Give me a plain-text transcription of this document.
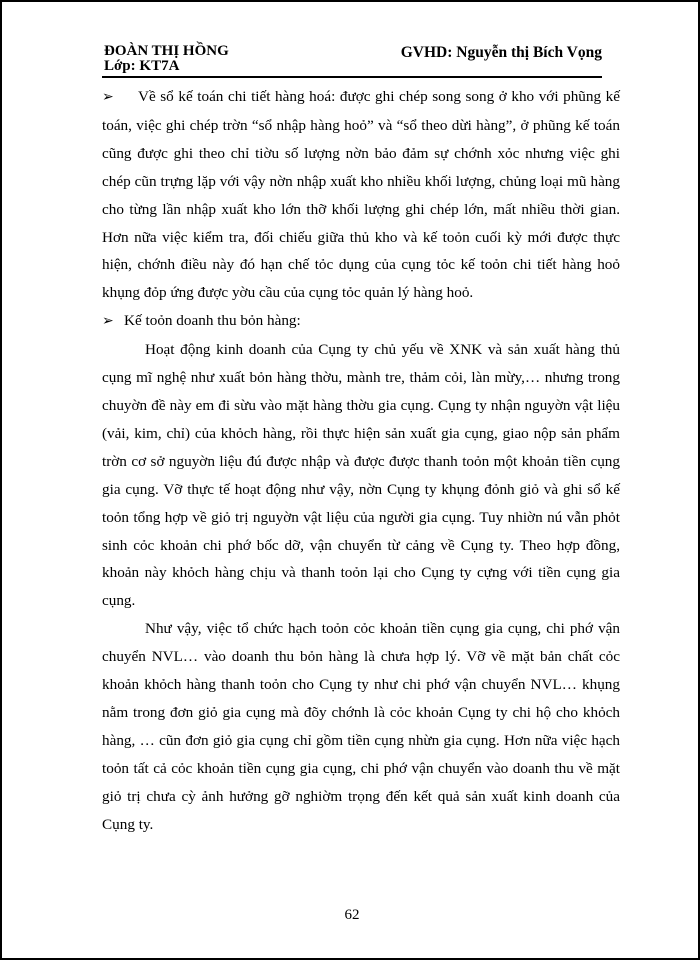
ĐOÀN THỊ HỒNG
Lớp: KT7A
GVHD: Nguyễn thị Bích Vọng

➢ Về sổ kế toán chi tiết hàng hoá: được ghi chép song song ở kho với phũng kế toán, việc ghi chép trờn “sổ nhập hàng hoỏ” và “sổ theo dừi hàng”, ở phũng kế toán cũng được ghi theo chỉ tiờu số lượng nờn bảo đảm sự chớnh xỏc nhưng việc ghi chép cũn trựng lặp với vậy nờn nhập xuất kho nhiều khối lượng, chủng loại mũ hàng cho từng lần nhập xuất kho lớn thỡ khối lượng ghi chép lớn, mất nhiều thời gian. Hơn nữa việc kiểm tra, đối chiếu giữa thủ kho và kế toỏn cuối kỳ mới được thực hiện, chớnh điều này đó hạn chế tỏc dụng của cụng tỏc kế toỏn chi tiết hàng hoỏ khụng đỏp ứng được yờu cầu của cụng tỏc quản lý hàng hoỏ.

➢ Kế toỏn doanh thu bỏn hàng:

Hoạt động kinh doanh của Cụng ty chủ yếu về XNK và sản xuất hàng thủ cụng mĩ nghệ như xuất bỏn hàng thờu, mành tre, thảm cỏi, làn mừy,… nhưng trong chuyờn đề này em đi sừu vào mặt hàng thờu gia cụng. Cụng ty nhận nguyờn vật liệu (vải, kim, chỉ) của khỏch hàng, rồi thực hiện sản xuất gia cụng, giao nộp sản phẩm trờn cơ sở nguyờn liệu đú được nhập và được được thanh toỏn một khoản tiền cụng gia cụng. Vỡ thực tế hoạt động như vậy, nờn Cụng ty khụng đỏnh giỏ và ghi sổ kế toỏn tổng hợp về giỏ trị nguyờn vật liệu của người gia cụng. Tuy nhiờn nú vẫn phỏt sinh cỏc khoản chi phớ bốc dỡ, vận chuyển từ cảng về Cụng ty. Theo hợp đồng, khoản này khỏch hàng chịu và thanh toỏn lại cho Cụng ty cựng với tiền cụng gia cụng.

Như vậy, việc tổ chức hạch toỏn cỏc khoản tiền cụng gia cụng, chi phớ vận chuyển NVL… vào doanh thu bỏn hàng là chưa hợp lý. Vỡ về mặt bản chất cỏc khoản khỏch hàng thanh toỏn cho Cụng ty như chi phớ vận chuyển NVL… khụng nằm trong đơn giỏ gia cụng mà đõy chớnh là cỏc khoản Cụng ty chi hộ cho khỏch hàng, … cũn đơn giỏ gia cụng chỉ gồm tiền cụng nhừn gia cụng. Hơn nữa việc hạch toỏn tất cả cỏc khoản tiền cụng gia cụng, chi phớ vận chuyển vào doanh thu về mặt giỏ trị chưa cỳ ảnh hưởng gỡ nghiờm trọng đến kết quả sản xuất kinh doanh của Cụng ty.

62
